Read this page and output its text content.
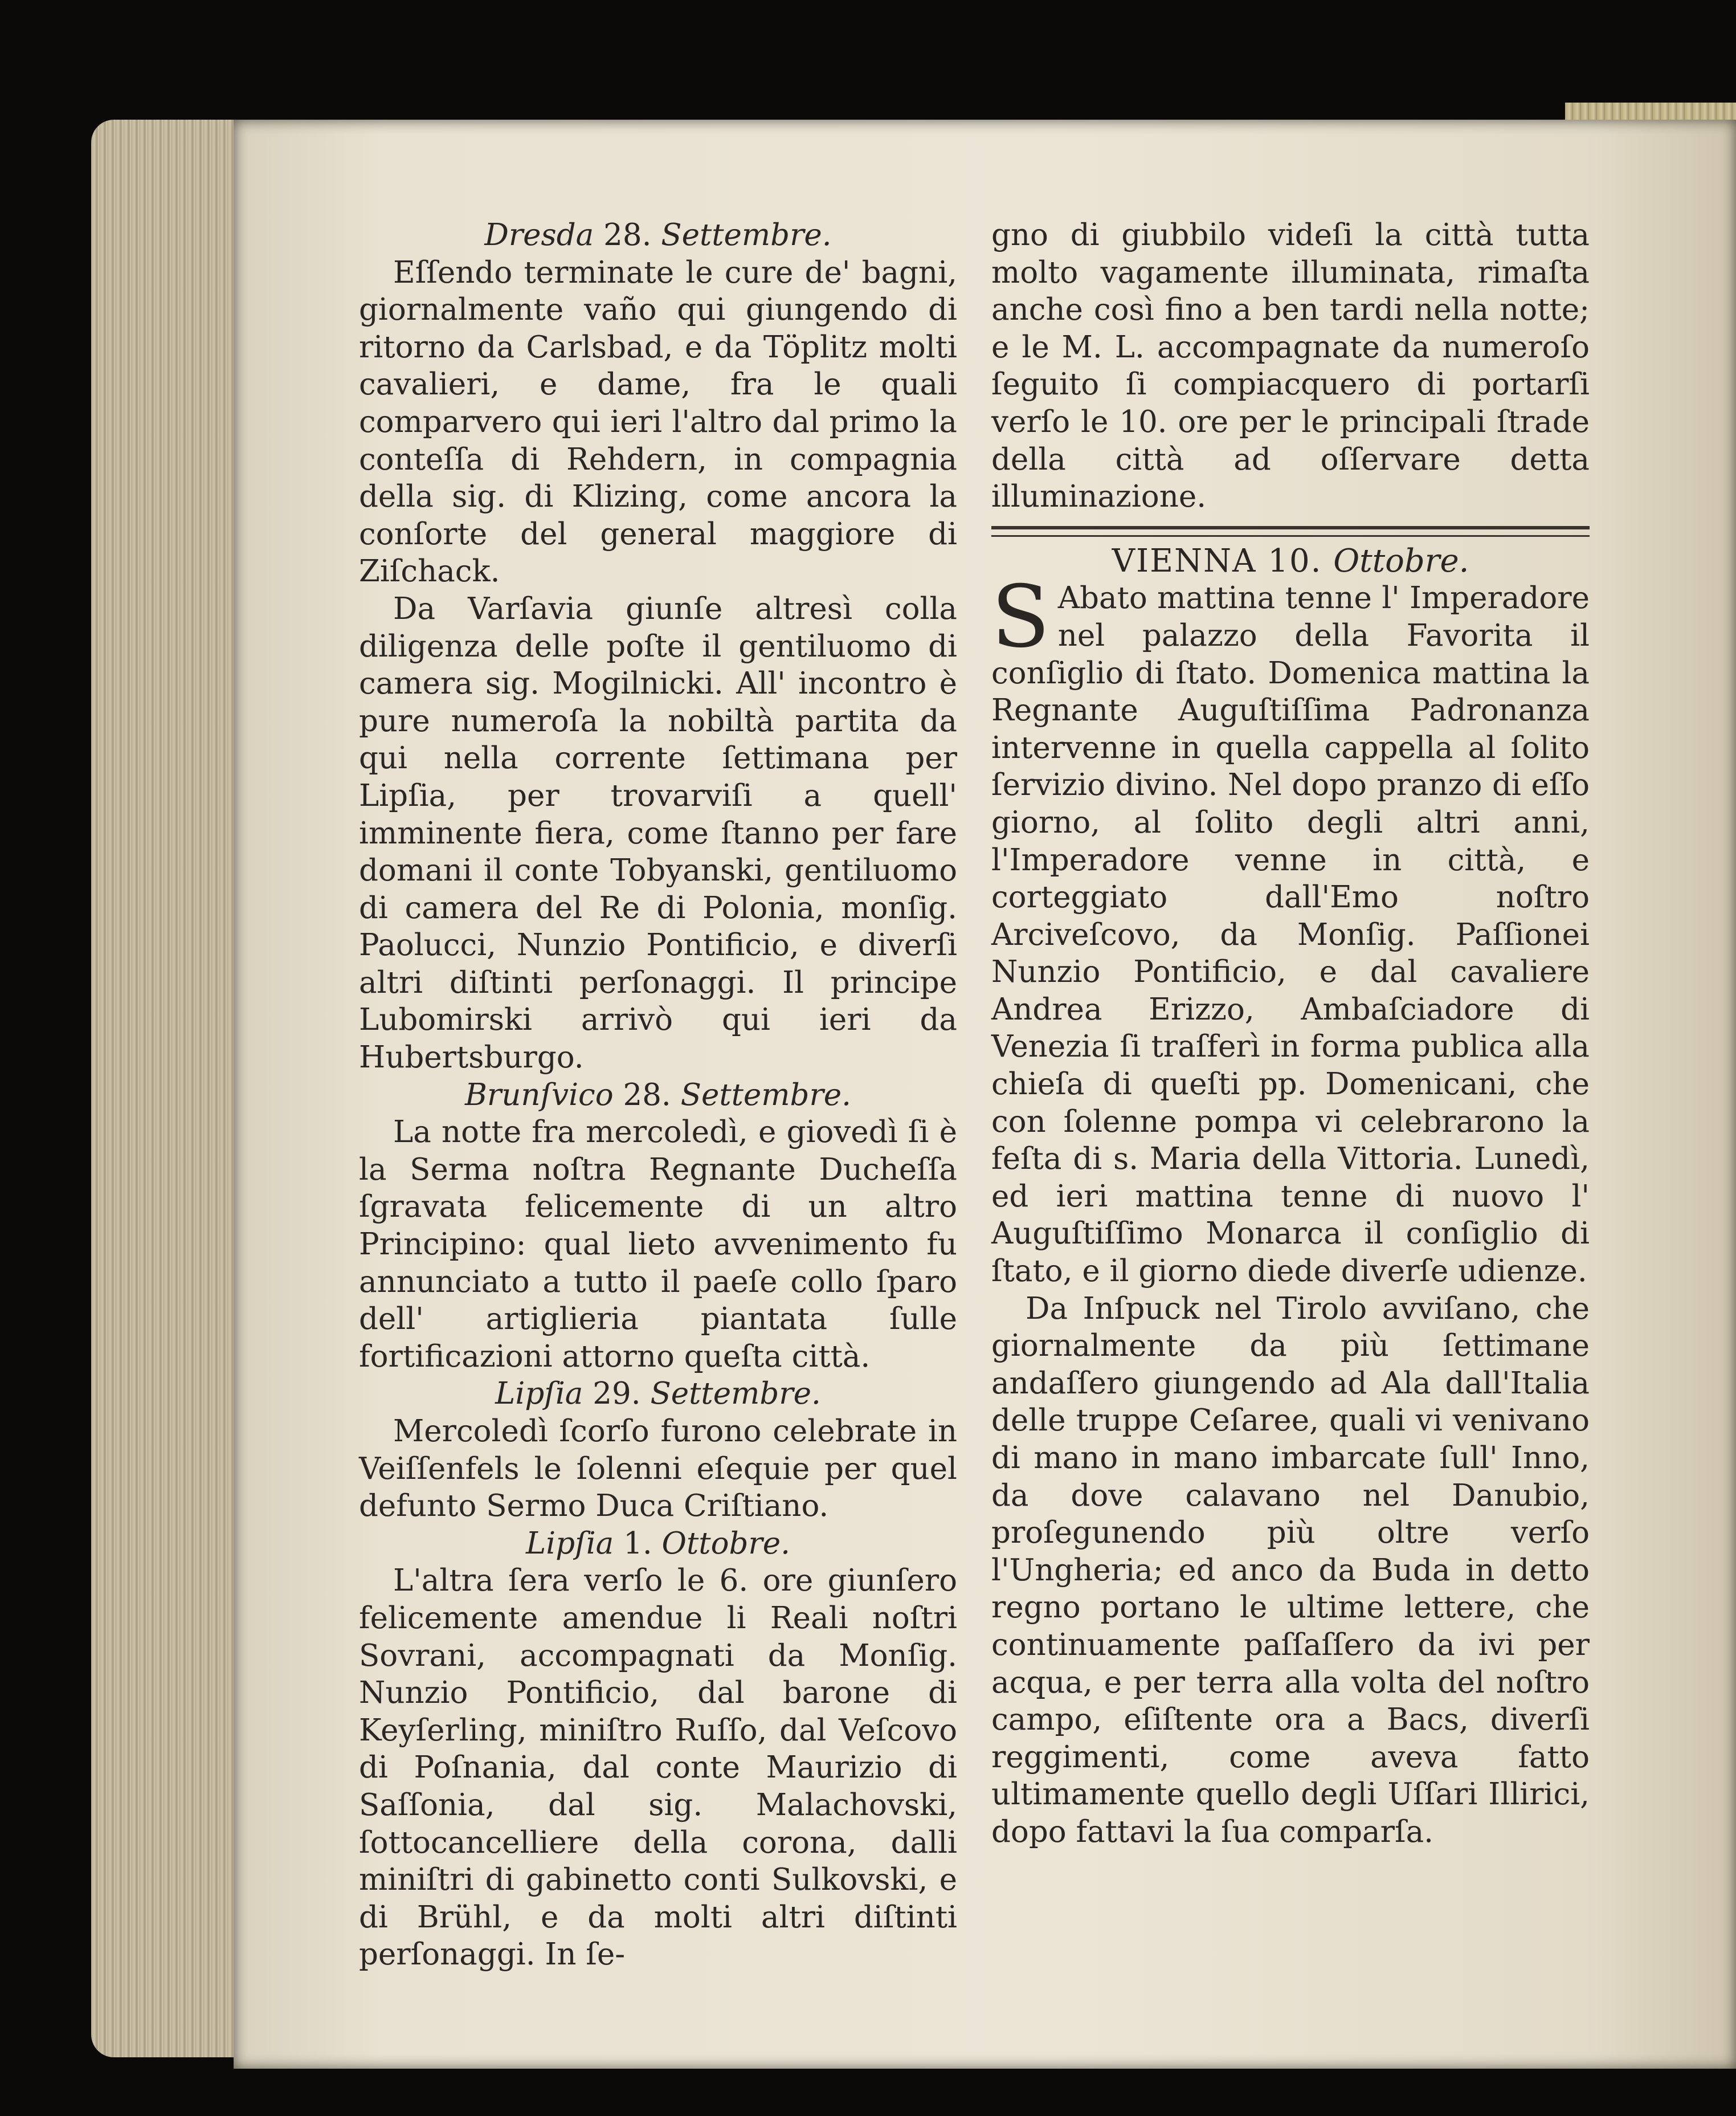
Dresda 28. Settembre.

Eſſendo terminate le cure de' bagni, giornalmente vaño qui giungendo di ritorno da Carlsbad, e da Töplitz molti cavalieri, e dame, fra le quali comparvero qui ieri l'altro dal primo la conteſſa di Rehdern, in compagnia della sig. di Klizing, come ancora la conſorte del general maggiore di Ziſchack.

Da Varſavia giunſe altresì colla diligenza delle poſte il gentiluomo di camera sig. Mogilnicki. All' incontro è pure numeroſa la nobiltà partita da qui nella corrente ſettimana per Lipſia, per trovarviſi a quell' imminente fiera, come ſtanno per fare domani il conte Tobyanski, gentiluomo di camera del Re di Polonia, monſig. Paolucci, Nunzio Pontificio, e diverſi altri diſtinti perſonaggi. Il principe Lubomirski arrivò qui ieri da Hubertsburgo.

Brunſvico 28. Settembre.

La notte fra mercoledì, e giovedì ſi è la Serma noſtra Regnante Ducheſſa ſgravata felicemente di un altro Principino: qual lieto avvenimento fu annunciato a tutto il paeſe collo ſparo dell' artiglieria piantata ſulle fortificazioni attorno queſta città.

Lipſia 29. Settembre.

Mercoledì ſcorſo furono celebrate in Veiſſenfels le ſolenni eſequie per quel defunto Sermo Duca Criſtiano.

Lipſia 1. Ottobre.

L'altra ſera verſo le 6. ore giunſero felicemente amendue li Reali noſtri Sovrani, accompagnati da Monſig. Nunzio Pontificio, dal barone di Keyſerling, miniſtro Ruſſo, dal Veſcovo di Poſnania, dal conte Maurizio di Saſſonia, dal sig. Malachovski, ſottocancelliere della corona, dalli miniſtri di gabinetto conti Sulkovski, e di Brühl, e da molti altri diſtinti perſonaggi. In ſe-

gno di giubbilo videſi la città tutta molto vagamente illuminata, rimaſta anche così fino a ben tardi nella notte; e le M. L. accompagnate da numeroſo ſeguito ſi compiacquero di portarſi verſo le 10. ore per le principali ſtrade della città ad oſſervare detta illuminazione.

VIENNA 10. Ottobre.

S Abato mattina tenne l' Imperadore nel palazzo della Favorita il conſiglio di ſtato. Domenica mattina la Regnante Auguſtiſſima Padronanza intervenne in quella cappella al ſolito ſervizio divino. Nel dopo pranzo di eſſo giorno, al ſolito degli altri anni, l'Imperadore venne in città, e corteggiato dall'Emo noſtro Arciveſcovo, da Monſig. Paſſionei Nunzio Pontificio, e dal cavaliere Andrea Erizzo, Ambaſciadore di Venezia ſi traſferì in forma publica alla chieſa di queſti pp. Domenicani, che con ſolenne pompa vi celebrarono la feſta di s. Maria della Vittoria. Lunedì, ed ieri mattina tenne di nuovo l' Auguſtiſſimo Monarca il conſiglio di ſtato, e il giorno diede diverſe udienze.

Da Inſpuck nel Tirolo avviſano, che giornalmente da più ſettimane andaſſero giungendo ad Ala dall'Italia delle truppe Ceſaree, quali vi venivano di mano in mano imbarcate ſull' Inno, da dove calavano nel Danubio, proſegunendo più oltre verſo l'Ungheria; ed anco da Buda in detto regno portano le ultime lettere, che continuamente paſſaſſero da ivi per acqua, e per terra alla volta del noſtro campo, eſiſtente ora a Bacs, diverſi reggimenti, come aveva fatto ultimamente quello degli Uſſari Illirici, dopo fattavi la ſua comparſa.
